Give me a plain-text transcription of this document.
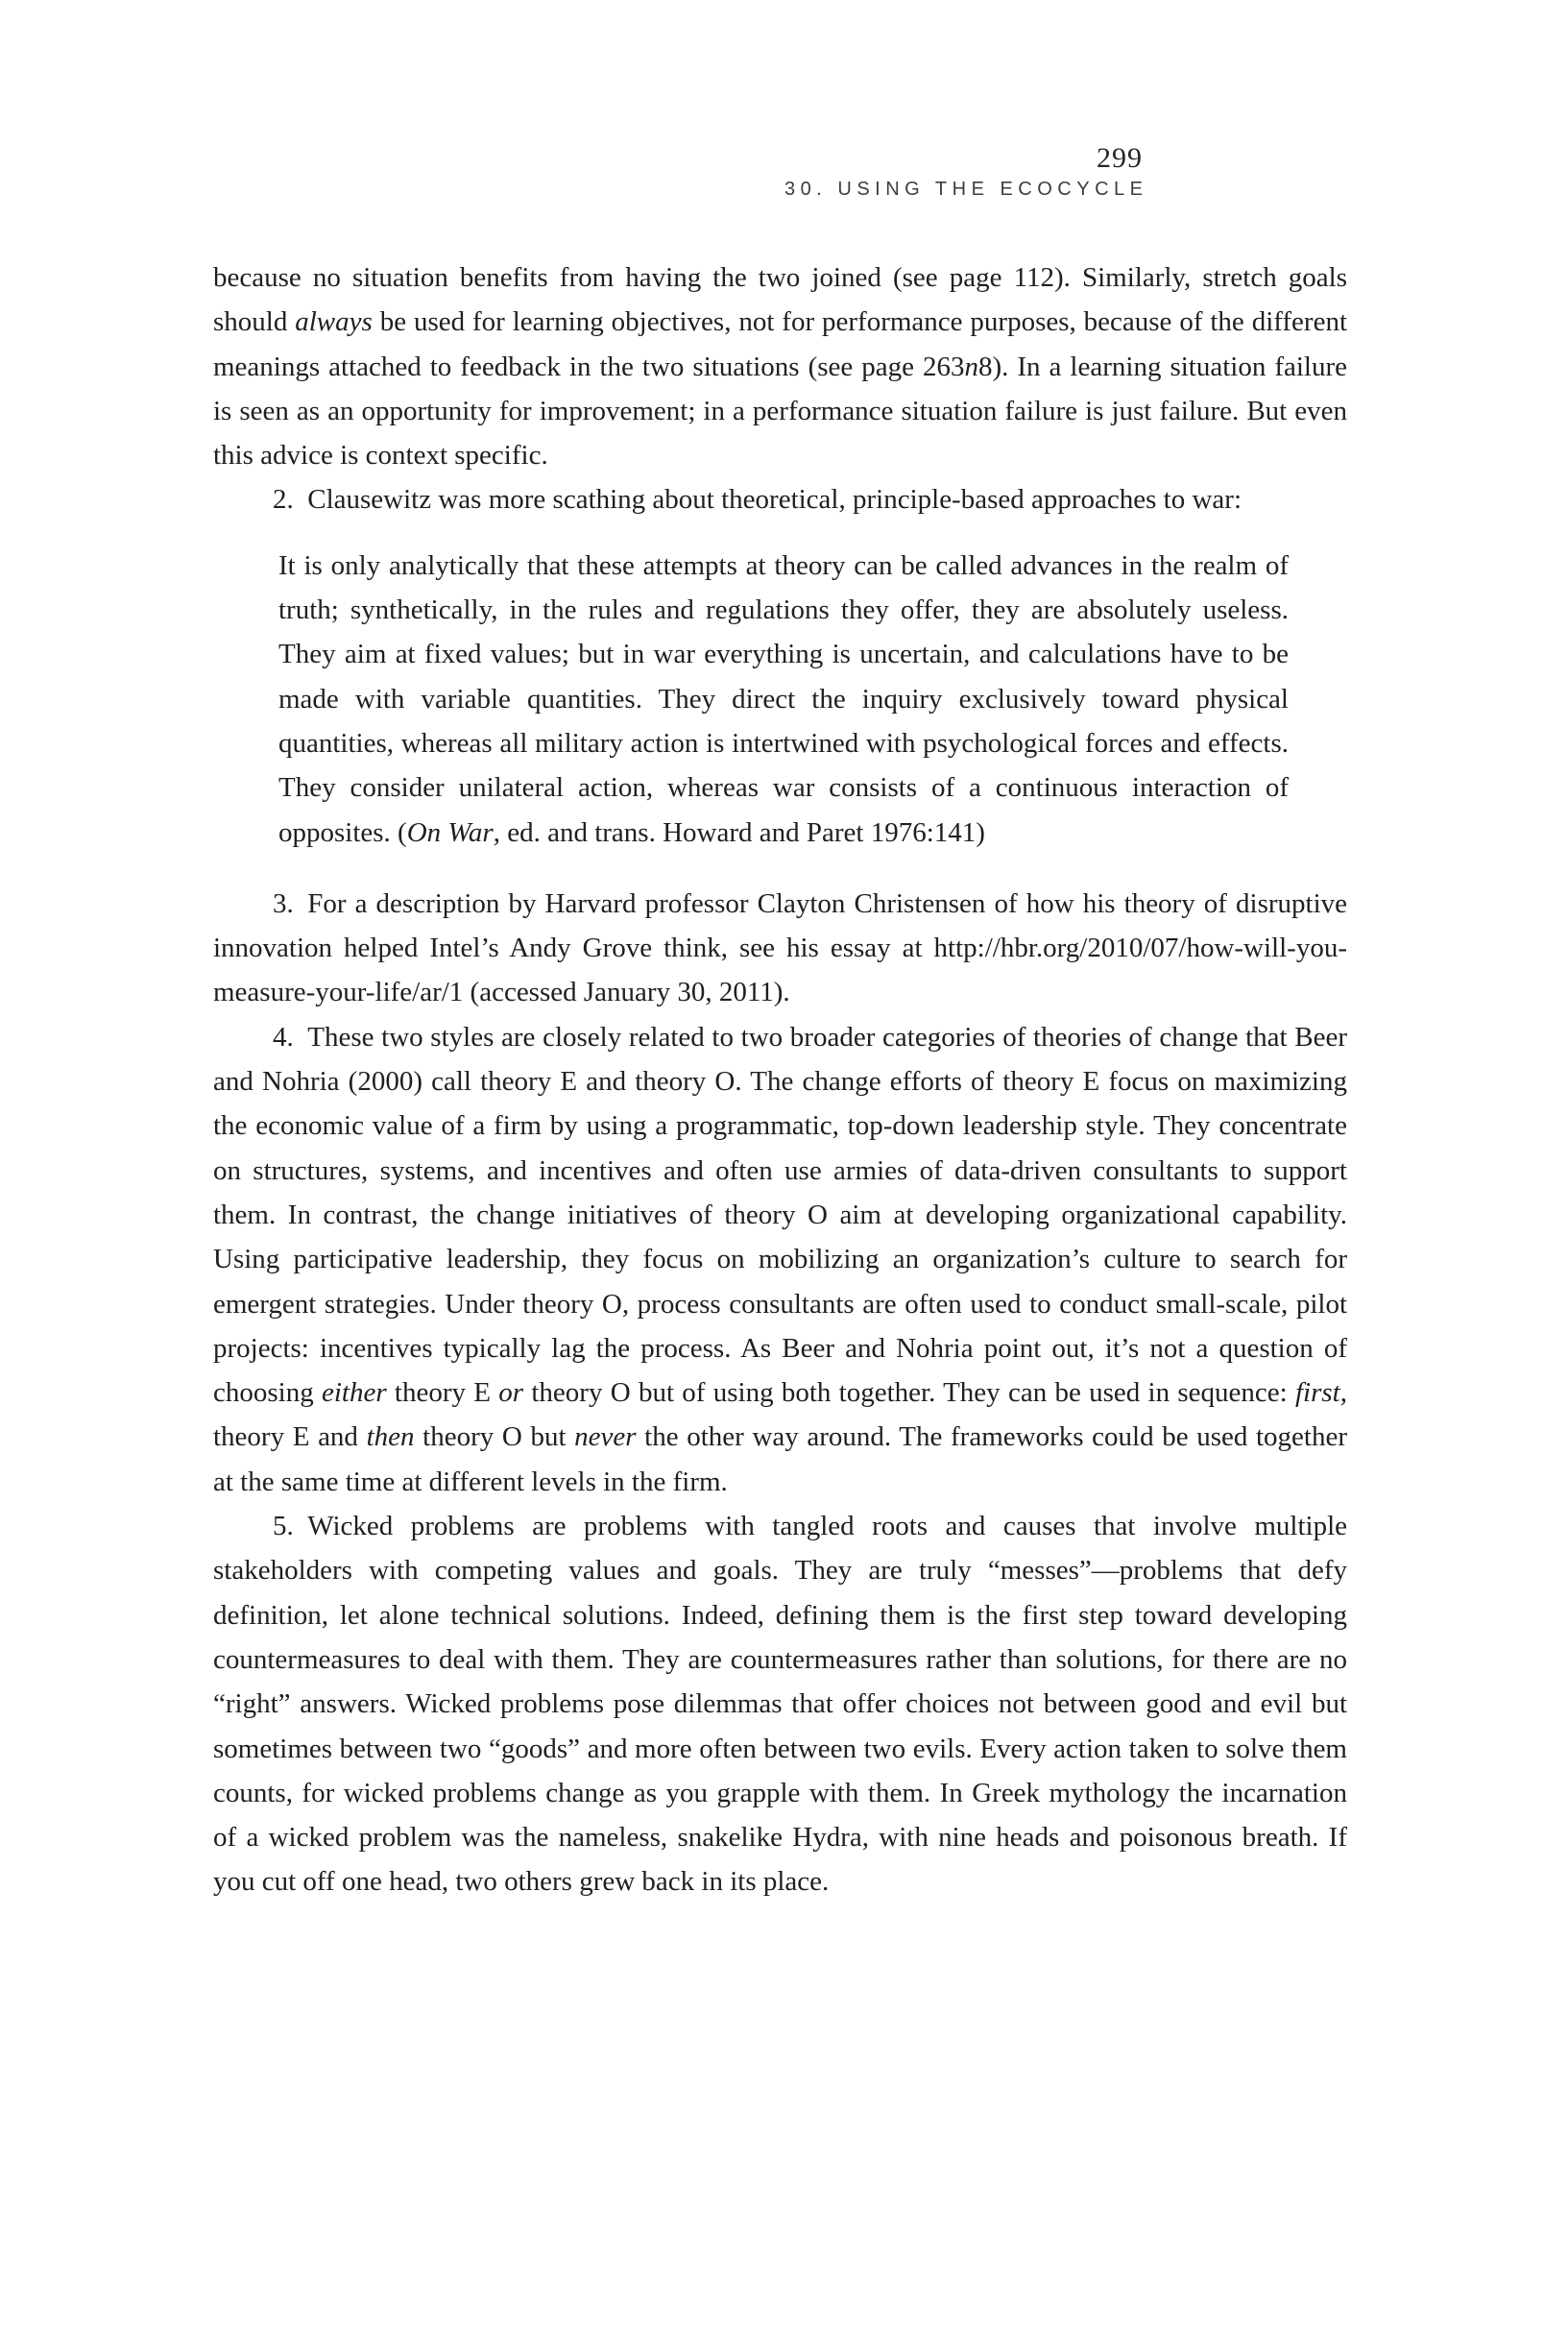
299
30. USING THE ECOCYCLE

because no situation benefits from having the two joined (see page 112). Similarly, stretch goals should always be used for learning objectives, not for performance purposes, because of the different meanings attached to feedback in the two situations (see page 263n8). In a learning situation failure is seen as an opportunity for improvement; in a performance situation failure is just failure. But even this advice is context specific.

2. Clausewitz was more scathing about theoretical, principle-based approaches to war:

It is only analytically that these attempts at theory can be called advances in the realm of truth; synthetically, in the rules and regulations they offer, they are absolutely useless. They aim at fixed values; but in war everything is uncertain, and calculations have to be made with variable quantities. They direct the inquiry exclusively toward physical quantities, whereas all military action is intertwined with psychological forces and effects. They consider unilateral action, whereas war consists of a continuous interaction of opposites. (On War, ed. and trans. Howard and Paret 1976:141)

3. For a description by Harvard professor Clayton Christensen of how his theory of disruptive innovation helped Intel’s Andy Grove think, see his essay at http://hbr​.org/2010/07/how-will-you-measure-your-life/ar/1 (accessed January 30, 2011).

4. These two styles are closely related to two broader categories of theories of change that Beer and Nohria (2000) call theory E and theory O. The change efforts of theory E focus on maximizing the economic value of a firm by using a programmatic, top-down leadership style. They concentrate on structures, systems, and incentives and often use armies of data-driven consultants to support them. In contrast, the change initiatives of theory O aim at developing organizational capability. Using participative leadership, they focus on mobilizing an organization’s culture to search for emergent strategies. Under theory O, process consultants are often used to conduct small-scale, pilot projects: incentives typically lag the process. As Beer and Nohria point out, it’s not a question of choosing either theory E or theory O but of using both together. They can be used in sequence: first, theory E and then theory O but never the other way around. The frameworks could be used together at the same time at different levels in the firm.

5. Wicked problems are problems with tangled roots and causes that involve multiple stakeholders with competing values and goals. They are truly “messes”—problems that defy definition, let alone technical solutions. Indeed, defining them is the first step toward developing countermeasures to deal with them. They are countermeasures rather than solutions, for there are no “right” answers. Wicked problems pose dilemmas that offer choices not between good and evil but sometimes between two “goods” and more often between two evils. Every action taken to solve them counts, for wicked problems change as you grapple with them. In Greek mythology the incarnation of a wicked problem was the nameless, snakelike Hydra, with nine heads and poisonous breath. If you cut off one head, two others grew back in its place.
